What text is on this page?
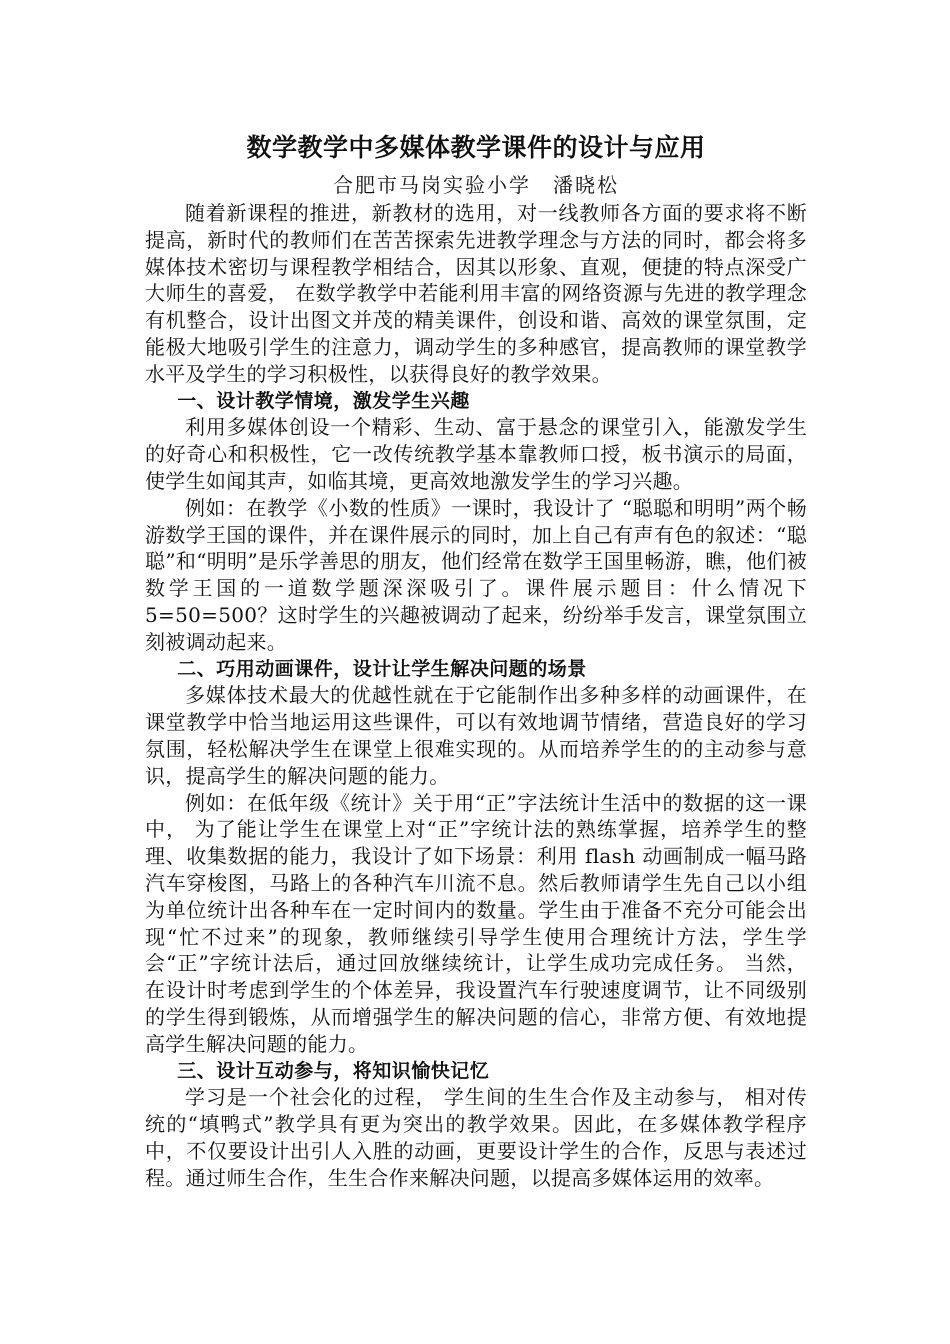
数学教学中多媒体教学课件的设计与应用
合肥市马岗实验小学 潘晓松

随着新课程的推进，新教材的选用，对一线教师各方面的要求将不断提高，新时代的教师们在苦苦探索先进教学理念与方法的同时，都会将多媒体技术密切与课程教学相结合，因其以形象、直观，便捷的特点深受广大师生的喜爱， 在数学教学中若能利用丰富的网络资源与先进的教学理念有机整合，设计出图文并茂的精美课件，创设和谐、高效的课堂氛围，定能极大地吸引学生的注意力，调动学生的多种感官，提高教师的课堂教学水平及学生的学习积极性，以获得良好的教学效果。

一、设计教学情境，激发学生兴趣

利用多媒体创设一个精彩、生动、富于悬念的课堂引入，能激发学生的好奇心和积极性，它一改传统教学基本靠教师口授，板书演示的局面，使学生如闻其声，如临其境，更高效地激发学生的学习兴趣。

例如：在教学《小数的性质》一课时，我设计了 “聪聪和明明”两个畅游数学王国的课件，并在课件展示的同时，加上自己有声有色的叙述：“聪聪”和“明明”是乐学善思的朋友，他们经常在数学王国里畅游，瞧，他们被数学王国的一道数学题深深吸引了。课件展示题目：什么情况下 5=50=500？这时学生的兴趣被调动了起来，纷纷举手发言，课堂氛围立刻被调动起来。

二、巧用动画课件，设计让学生解决问题的场景

多媒体技术最大的优越性就在于它能制作出多种多样的动画课件，在课堂教学中恰当地运用这些课件，可以有效地调节情绪，营造良好的学习氛围，轻松解决学生在课堂上很难实现的。从而培养学生的的主动参与意识，提高学生的解决问题的能力。

例如：在低年级《统计》关于用“正”字法统计生活中的数据的这一课中， 为了能让学生在课堂上对“正”字统计法的熟练掌握，培养学生的整理、收集数据的能力，我设计了如下场景：利用 flash 动画制成一幅马路汽车穿梭图，马路上的各种汽车川流不息。然后教师请学生先自己以小组为单位统计出各种车在一定时间内的数量。学生由于准备不充分可能会出现“忙不过来”的现象，教师继续引导学生使用合理统计方法，学生学会“正”字统计法后，通过回放继续统计，让学生成功完成任务。 当然， 在设计时考虑到学生的个体差异，我设置汽车行驶速度调节，让不同级别的学生得到锻炼，从而增强学生的解决问题的信心，非常方便、有效地提高学生解决问题的能力。

三、设计互动参与，将知识愉快记忆

学习是一个社会化的过程， 学生间的生生合作及主动参与， 相对传统的“填鸭式”教学具有更为突出的教学效果。因此，在多媒体教学程序中，不仅要设计出引人入胜的动画，更要设计学生的合作，反思与表述过程。通过师生合作，生生合作来解决问题，以提高多媒体运用的效率。
